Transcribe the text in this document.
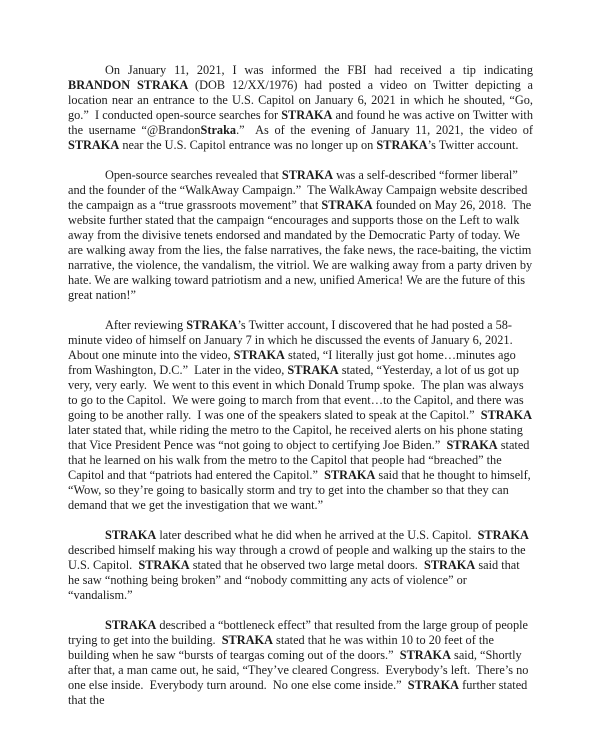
On January 11, 2021, I was informed the FBI had received a tip indicating BRANDON STRAKA (DOB 12/XX/1976) had posted a video on Twitter depicting a location near an entrance to the U.S. Capitol on January 6, 2021 in which he shouted, “Go, go.”  I conducted open-source searches for STRAKA and found he was active on Twitter with the username “@BrandonStraka.”  As of the evening of January 11, 2021, the video of STRAKA near the U.S. Capitol entrance was no longer up on STRAKA’s Twitter account.

Open-source searches revealed that STRAKA was a self-described “former liberal” and the founder of the “WalkAway Campaign.”  The WalkAway Campaign website described the campaign as a “true grassroots movement” that STRAKA founded on May 26, 2018.  The website further stated that the campaign “encourages and supports those on the Left to walk away from the divisive tenets endorsed and mandated by the Democratic Party of today. We are walking away from the lies, the false narratives, the fake news, the race-baiting, the victim narrative, the violence, the vandalism, the vitriol. We are walking away from a party driven by hate. We are walking toward patriotism and a new, unified America! We are the future of this great nation!”

After reviewing STRAKA’s Twitter account, I discovered that he had posted a 58-minute video of himself on January 7 in which he discussed the events of January 6, 2021.  About one minute into the video, STRAKA stated, “I literally just got home…minutes ago from Washington, D.C.”  Later in the video, STRAKA stated, “Yesterday, a lot of us got up very, very early.  We went to this event in which Donald Trump spoke.  The plan was always to go to the Capitol.  We were going to march from that event…to the Capitol, and there was going to be another rally.  I was one of the speakers slated to speak at the Capitol.”  STRAKA later stated that, while riding the metro to the Capitol, he received alerts on his phone stating that Vice President Pence was “not going to object to certifying Joe Biden.”  STRAKA stated that he learned on his walk from the metro to the Capitol that people had “breached” the Capitol and that “patriots had entered the Capitol.”  STRAKA said that he thought to himself, “Wow, so they’re going to basically storm and try to get into the chamber so that they can demand that we get the investigation that we want.”

STRAKA later described what he did when he arrived at the U.S. Capitol.  STRAKA described himself making his way through a crowd of people and walking up the stairs to the U.S. Capitol.  STRAKA stated that he observed two large metal doors.  STRAKA said that he saw “nothing being broken” and “nobody committing any acts of violence” or “vandalism.”

STRAKA described a “bottleneck effect” that resulted from the large group of people trying to get into the building.  STRAKA stated that he was within 10 to 20 feet of the building when he saw “bursts of teargas coming out of the doors.”  STRAKA said, “Shortly after that, a man came out, he said, “They’ve cleared Congress.  Everybody’s left.  There’s no one else inside.  Everybody turn around.  No one else come inside.”  STRAKA further stated that the
